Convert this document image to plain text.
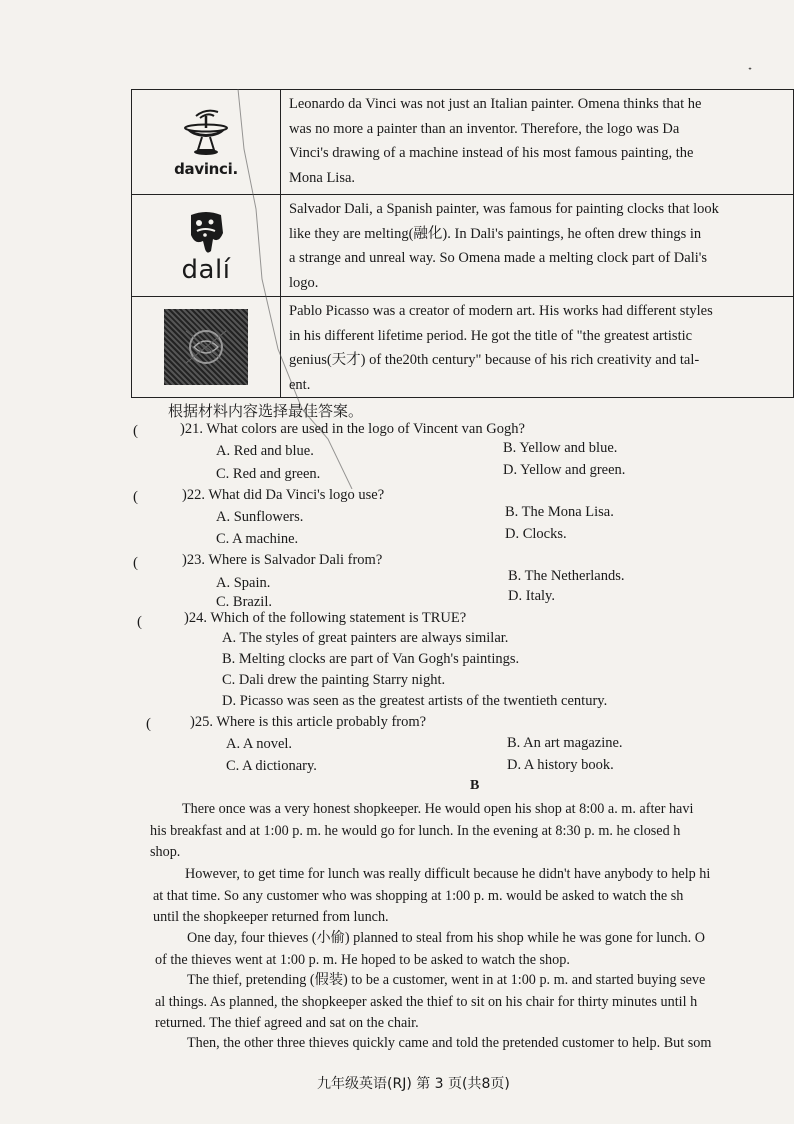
ᐩ
davinci.	Leonardo da Vinci was not just an Italian painter. Omena thinks that he
was no more a painter than an inventor. Therefore, the logo was Da
Vinci's drawing of a machine instead of his most famous painting, the
Mona Lisa.

dalí	Salvador Dali, a Spanish painter, was famous for painting clocks that look
like they are melting(融化). In Dali's paintings, he often drew things in
a strange and unreal way. So Omena made a melting clock part of Dali's
logo.

Pablo Picasso was a creator of modern art. His works had different styles
in his different lifetime period. He got the title of "the greatest artistic
genius(天才) of the20th century" because of his rich creativity and tal-
ent.
根据材料内容选择最佳答案。
(	)21. What colors are used in the logo of Vincent van Gogh?
A. Red and blue.	B. Yellow and blue.
C. Red and green.	D. Yellow and green.
(	)22. What did Da Vinci's logo use?
A. Sunflowers.	B. The Mona Lisa.
C. A machine.	D. Clocks.
(	)23. Where is Salvador Dali from?
A. Spain.	B. The Netherlands.
C. Brazil.	D. Italy.
(	)24. Which of the following statement is TRUE?
A. The styles of great painters are always similar.
B. Melting clocks are part of Van Gogh's paintings.
C. Dali drew the painting Starry night.
D. Picasso was seen as the greatest artists of the twentieth century.
(	)25. Where is this article probably from?
A. A novel.	B. An art magazine.
C. A dictionary.	D. A history book.
B
There once was a very honest shopkeeper. He would open his shop at 8:00 a. m. after havi
his breakfast and at 1:00 p. m. he would go for lunch. In the evening at 8:30 p. m. he closed h
shop.
However, to get time for lunch was really difficult because he didn't have anybody to help hi
at that time. So any customer who was shopping at 1:00 p. m. would be asked to watch the sh
until the shopkeeper returned from lunch.
One day, four thieves (小偷) planned to steal from his shop while he was gone for lunch. O
of the thieves went at 1:00 p. m. He hoped to be asked to watch the shop.
The thief, pretending (假装) to be a customer, went in at 1:00 p. m. and started buying seve
al things. As planned, the shopkeeper asked the thief to sit on his chair for thirty minutes until h
returned. The thief agreed and sat on the chair.
Then, the other three thieves quickly came and told the pretended customer to help. But som
九年级英语(RJ) 第 3 页(共8页)
